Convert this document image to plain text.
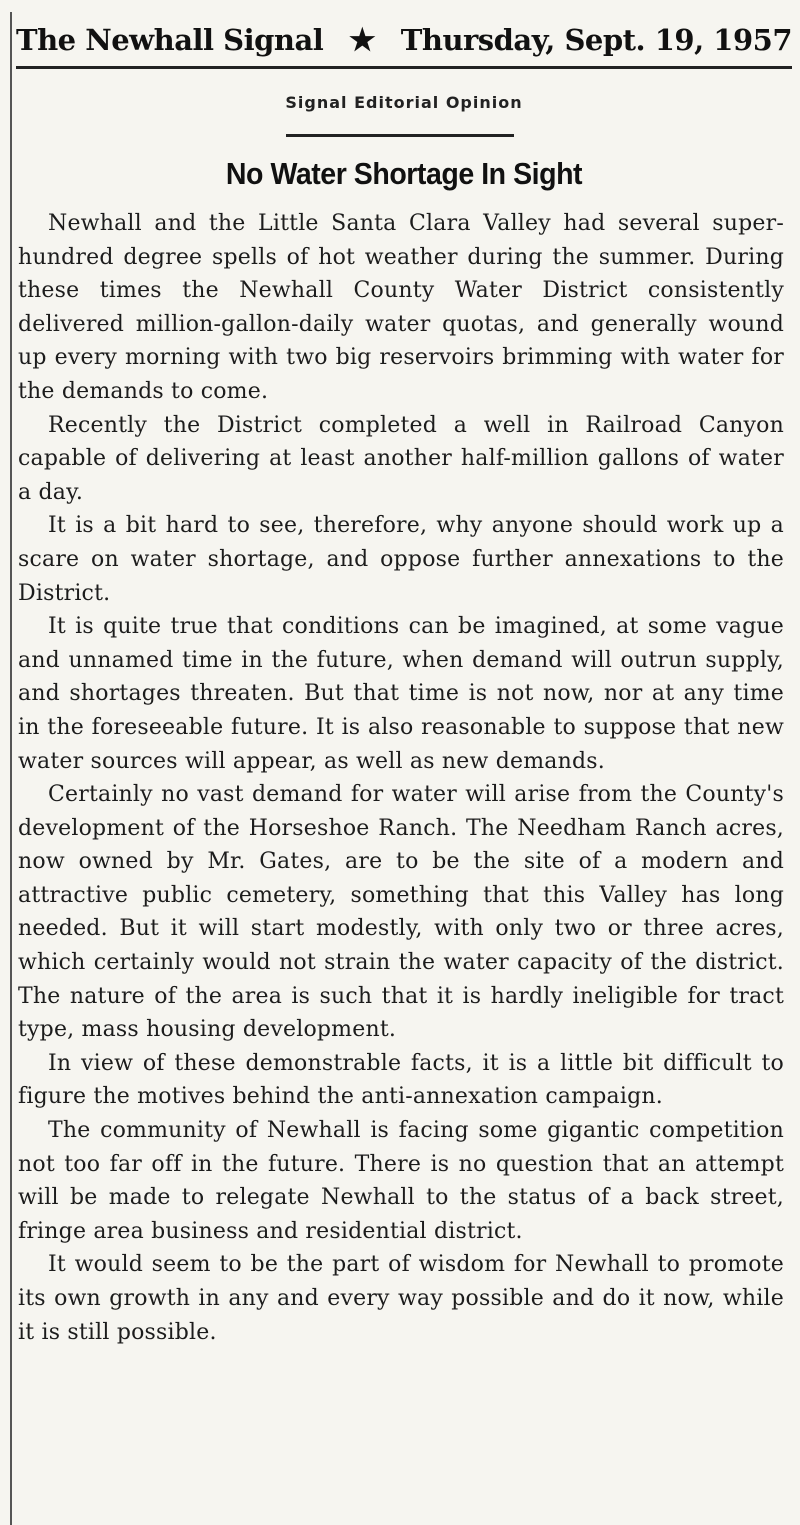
The Newhall Signal ★ Thursday, Sept. 19, 1957
Signal Editorial Opinion
No Water Shortage In Sight

Newhall and the Little Santa Clara Valley had several super-hundred degree spells of hot weather during the summer. During these times the Newhall County Water District consistently delivered million-gallon-daily water quotas, and generally wound up every morning with two big reservoirs brimming with water for the demands to come.

Recently the District completed a well in Railroad Canyon capable of delivering at least another half-million gallons of water a day.

It is a bit hard to see, therefore, why anyone should work up a scare on water shortage, and oppose further annexations to the District.

It is quite true that conditions can be imagined, at some vague and unnamed time in the future, when demand will outrun supply, and shortages threaten. But that time is not now, nor at any time in the foreseeable future. It is also reasonable to suppose that new water sources will appear, as well as new demands.

Certainly no vast demand for water will arise from the County's development of the Horseshoe Ranch. The Needham Ranch acres, now owned by Mr. Gates, are to be the site of a modern and attractive public cemetery, something that this Valley has long needed. But it will start modestly, with only two or three acres, which certainly would not strain the water capacity of the district. The nature of the area is such that it is hardly ineligible for tract type, mass housing development.

In view of these demonstrable facts, it is a little bit difficult to figure the motives behind the anti-annexation campaign.

The community of Newhall is facing some gigantic competition not too far off in the future. There is no question that an attempt will be made to relegate Newhall to the status of a back street, fringe area business and residential district.

It would seem to be the part of wisdom for Newhall to promote its own growth in any and every way possible and do it now, while it is still possible.
